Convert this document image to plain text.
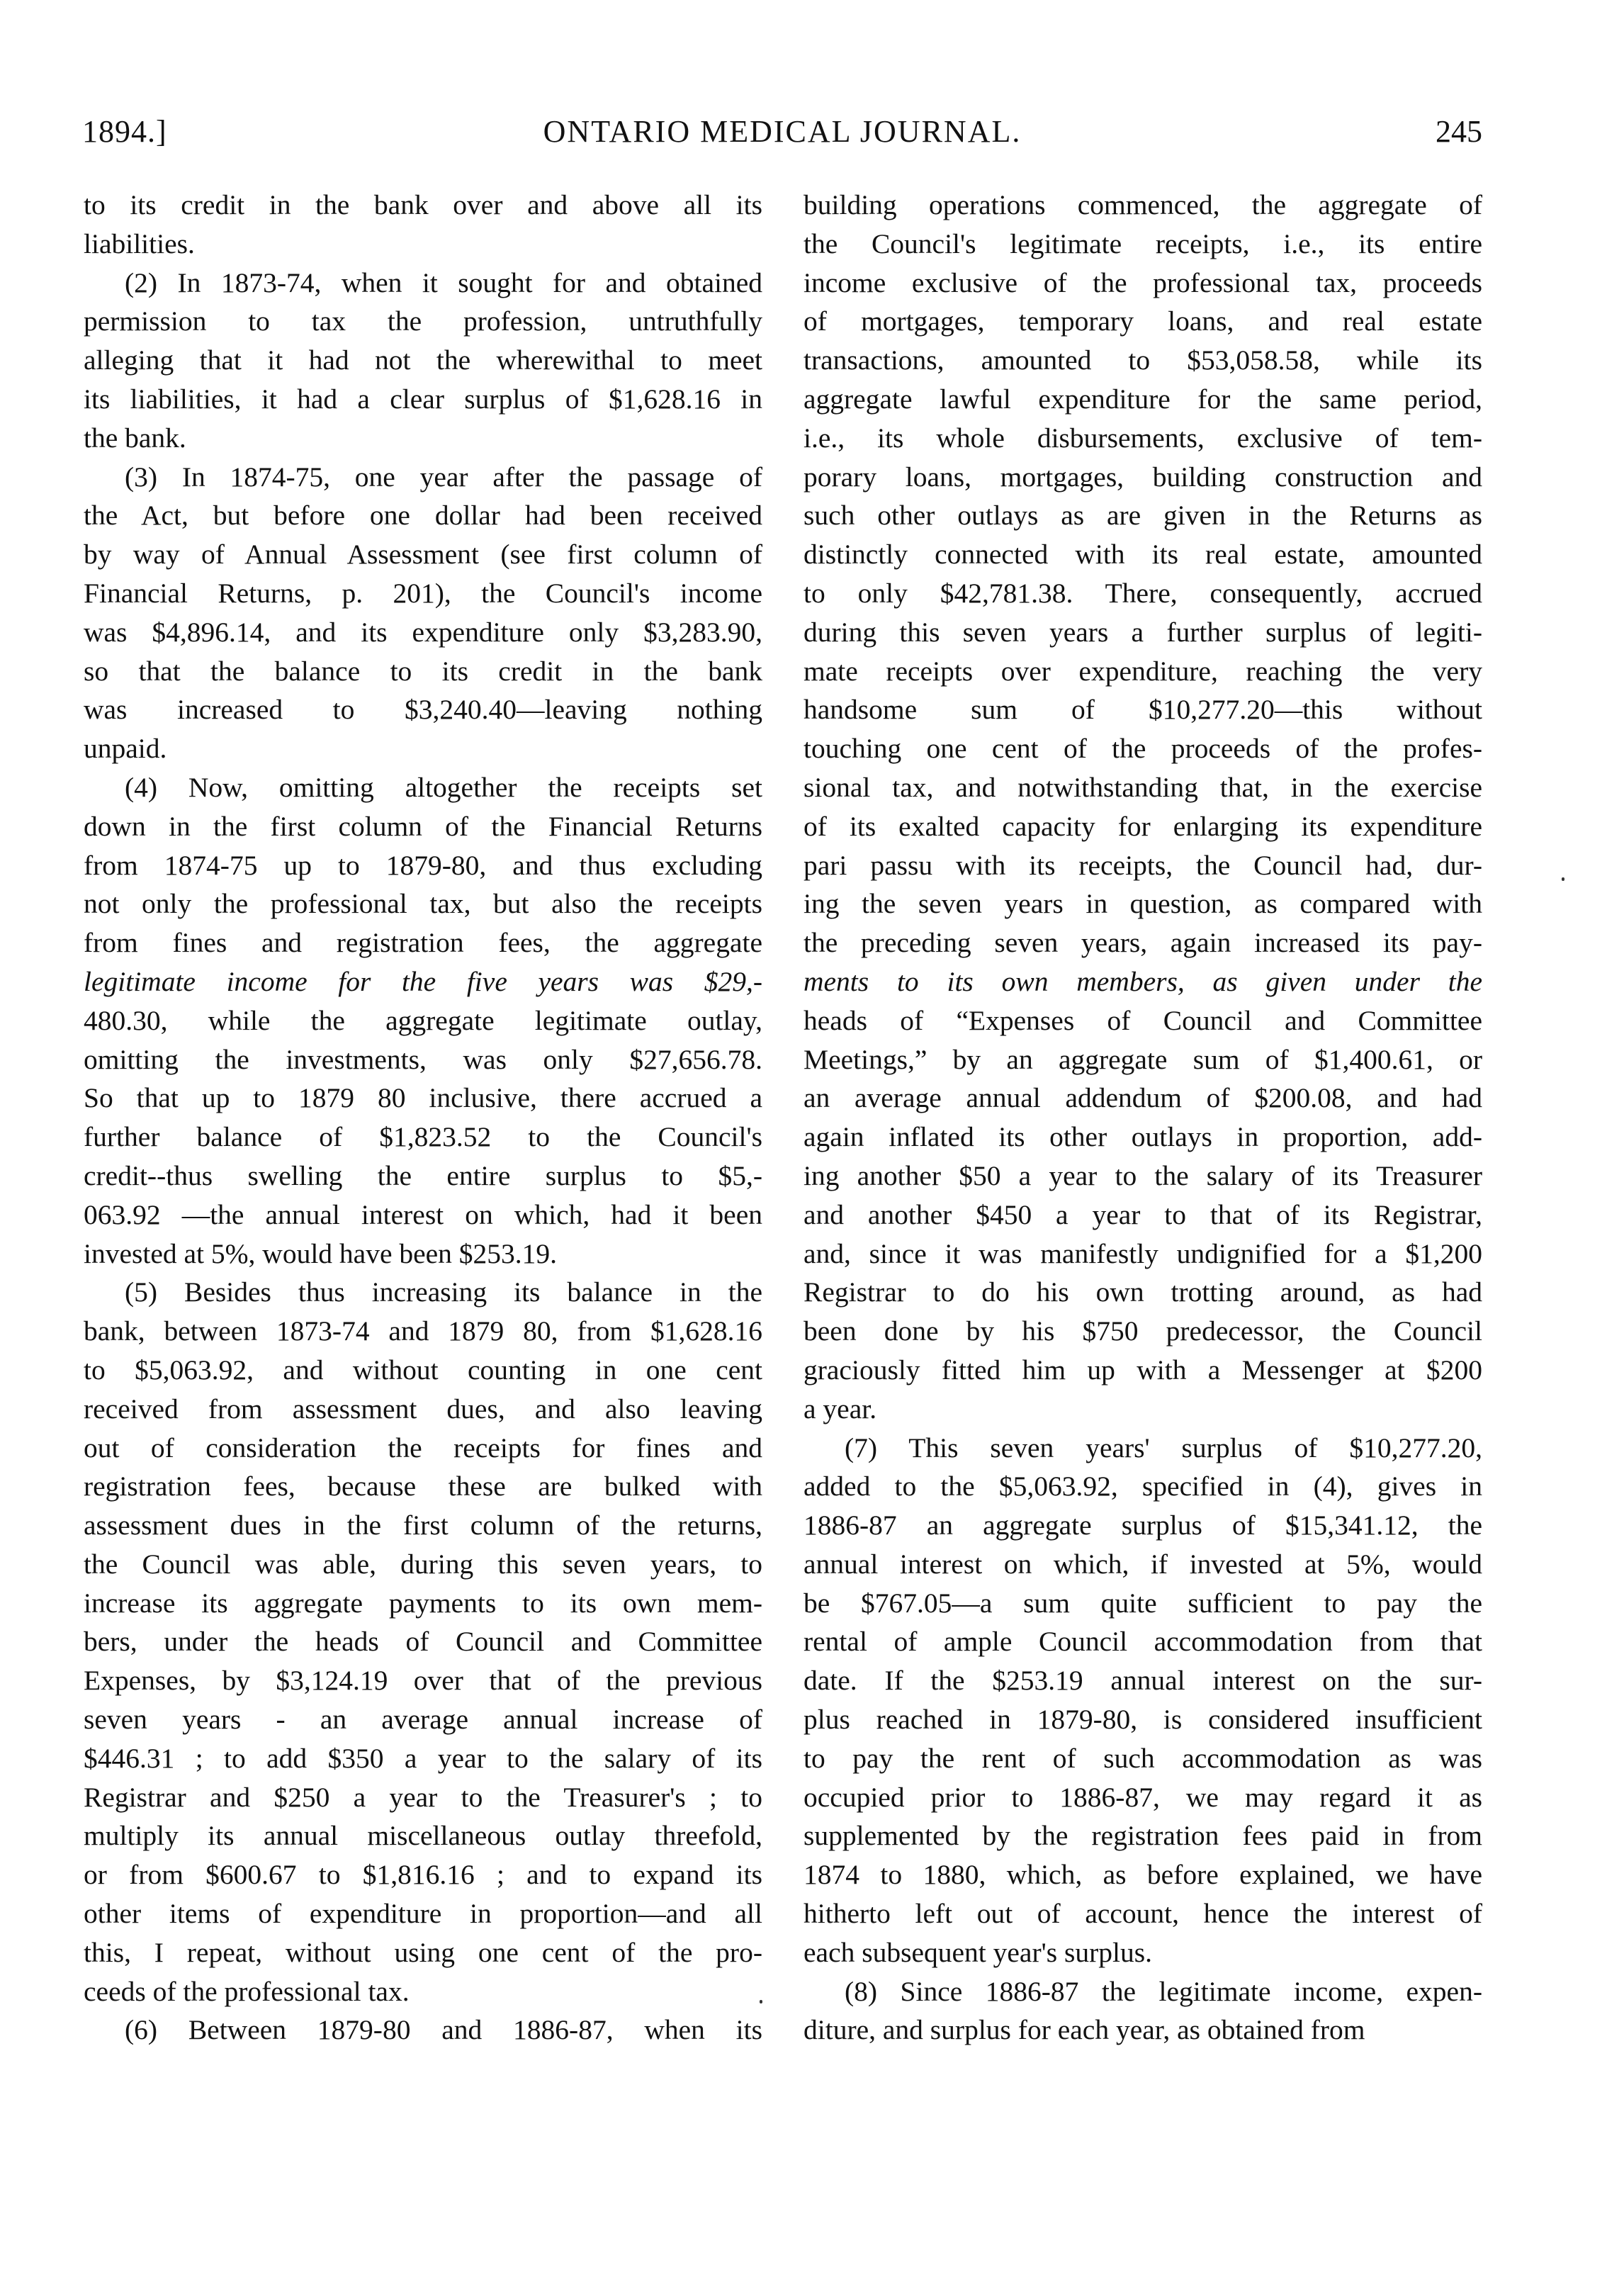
1894.]	ONTARIO MEDICAL JOURNAL.	245
to its credit in the bank over and above all its
liabilities.
(2) In 1873-74, when it sought for and obtained
permission to tax the profession, untruthfully
alleging that it had not the wherewithal to meet
its liabilities, it had a clear surplus of $1,628.16 in
the bank.
(3) In 1874-75, one year after the passage of
the Act, but before one dollar had been received
by way of Annual Assessment (see first column of
Financial Returns, p. 201), the Council's income
was $4,896.14, and its expenditure only $3,283.90,
so that the balance to its credit in the bank
was increased to $3,240.40—leaving nothing
unpaid.
(4) Now, omitting altogether the receipts set
down in the first column of the Financial Returns
from 1874-75 up to 1879-80, and thus excluding
not only the professional tax, but also the receipts
from fines and registration fees, the aggregate
legitimate income for the five years was $29,-
480.30, while the aggregate legitimate outlay,
omitting the investments, was only $27,656.78.
So that up to 1879 80 inclusive, there accrued a
further balance of $1,823.52 to the Council's
credit--thus swelling the entire surplus to $5,-
063.92 —the annual interest on which, had it been
invested at 5%, would have been $253.19.
(5) Besides thus increasing its balance in the
bank, between 1873-74 and 1879 80, from $1,628.16
to $5,063.92, and without counting in one cent
received from assessment dues, and also leaving
out of consideration the receipts for fines and
registration fees, because these are bulked with
assessment dues in the first column of the returns,
the Council was able, during this seven years, to
increase its aggregate payments to its own mem-
bers, under the heads of Council and Committee
Expenses, by $3,124.19 over that of the previous
seven years - an average annual increase of
$446.31 ; to add $350 a year to the salary of its
Registrar and $250 a year to the Treasurer's ; to
multiply its annual miscellaneous outlay threefold,
or from $600.67 to $1,816.16 ; and to expand its
other items of expenditure in proportion—and all
this, I repeat, without using one cent of the pro-
ceeds of the professional tax.
(6) Between 1879-80 and 1886-87, when its
building operations commenced, the aggregate of
the Council's legitimate receipts, i.e., its entire
income exclusive of the professional tax, proceeds
of mortgages, temporary loans, and real estate
transactions, amounted to $53,058.58, while its
aggregate lawful expenditure for the same period,
i.e., its whole disbursements, exclusive of tem-
porary loans, mortgages, building construction and
such other outlays as are given in the Returns as
distinctly connected with its real estate, amounted
to only $42,781.38. There, consequently, accrued
during this seven years a further surplus of legiti-
mate receipts over expenditure, reaching the very
handsome sum of $10,277.20—this without
touching one cent of the proceeds of the profes-
sional tax, and notwithstanding that, in the exercise
of its exalted capacity for enlarging its expenditure
pari passu with its receipts, the Council had, dur-
ing the seven years in question, as compared with
the preceding seven years, again increased its pay-
ments to its own members, as given under the
heads of “Expenses of Council and Committee
Meetings,” by an aggregate sum of $1,400.61, or
an average annual addendum of $200.08, and had
again inflated its other outlays in proportion, add-
ing another $50 a year to the salary of its Treasurer
and another $450 a year to that of its Registrar,
and, since it was manifestly undignified for a $1,200
Registrar to do his own trotting around, as had
been done by his $750 predecessor, the Council
graciously fitted him up with a Messenger at $200
a year.
(7) This seven years' surplus of $10,277.20,
added to the $5,063.92, specified in (4), gives in
1886-87 an aggregate surplus of $15,341.12, the
annual interest on which, if invested at 5%, would
be $767.05—a sum quite sufficient to pay the
rental of ample Council accommodation from that
date. If the $253.19 annual interest on the sur-
plus reached in 1879-80, is considered insufficient
to pay the rent of such accommodation as was
occupied prior to 1886-87, we may regard it as
supplemented by the registration fees paid in from
1874 to 1880, which, as before explained, we have
hitherto left out of account, hence the interest of
each subsequent year's surplus.
(8) Since 1886-87 the legitimate income, expen-
diture, and surplus for each year, as obtained from
